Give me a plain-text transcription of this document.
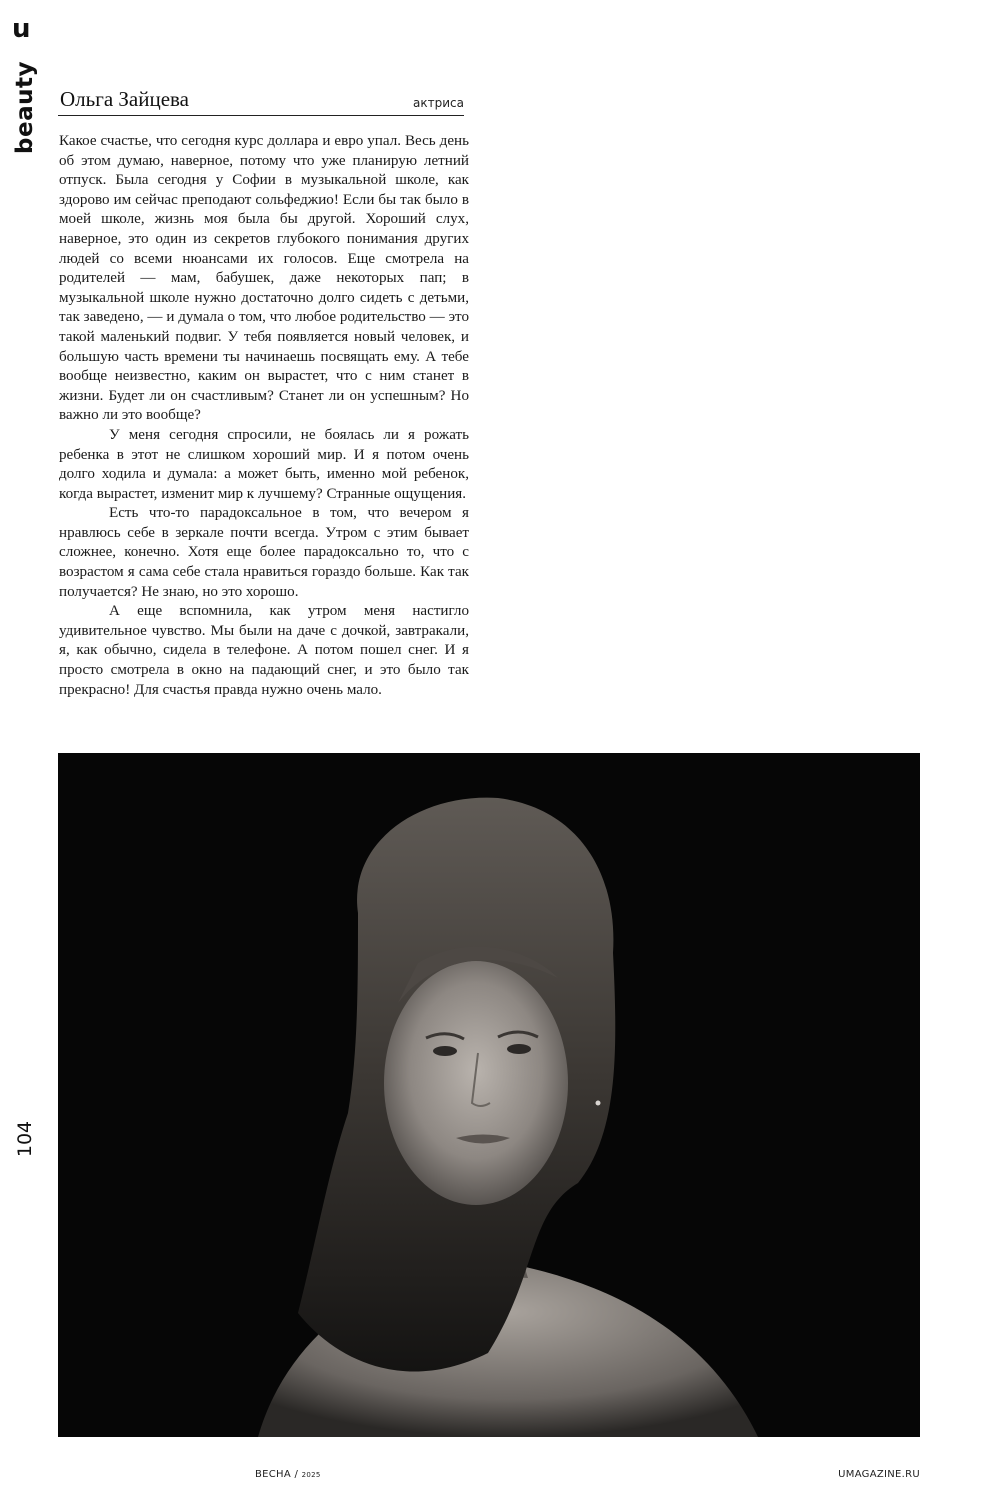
u
beauty
104
Ольга Зайцева	актриса

Какое счастье, что сегодня курс доллара и евро упал. Весь день об этом думаю, наверное, потому что уже планирую летний отпуск. Была сегодня у Софии в музыкальной школе, как здорово им сейчас преподают сольфеджио! Если бы так было в моей школе, жизнь моя была бы другой. Хороший слух, наверное, это один из секретов глубокого понимания других людей со всеми нюансами их голосов. Еще смотрела на родителей — мам, бабушек, даже некоторых пап; в музыкальной школе нужно достаточно долго сидеть с детьми, так заведено, — и думала о том, что любое родительство — это такой маленький подвиг. У тебя появляется новый человек, и большую часть времени ты начинаешь посвящать ему. А тебе вообще неизвестно, каким он вырастет, что с ним станет в жизни. Будет ли он счастливым? Станет ли он успешным? Но важно ли это вообще?

У меня сегодня спросили, не боялась ли я рожать ребенка в этот не слишком хороший мир. И я потом очень долго ходила и думала: а может быть, именно мой ребенок, когда вырастет, изменит мир к лучшему? Странные ощущения.

Есть что-то парадоксальное в том, что вечером я нравлюсь себе в зеркале почти всегда. Утром с этим бывает сложнее, конечно. Хотя еще более парадоксально то, что с возрастом я сама себе стала нравиться гораздо больше. Как так получается? Не знаю, но это хорошо.

А еще вспомнила, как утром меня настигло удивительное чувство. Мы были на даче с дочкой, завтракали, я, как обычно, сидела в телефоне. А потом пошел снег. И я просто смотрела в окно на падающий снег, и это было так прекрасно! Для счастья правда нужно очень мало.

ВЕСНА / 2025	UMAGAZINE.RU
